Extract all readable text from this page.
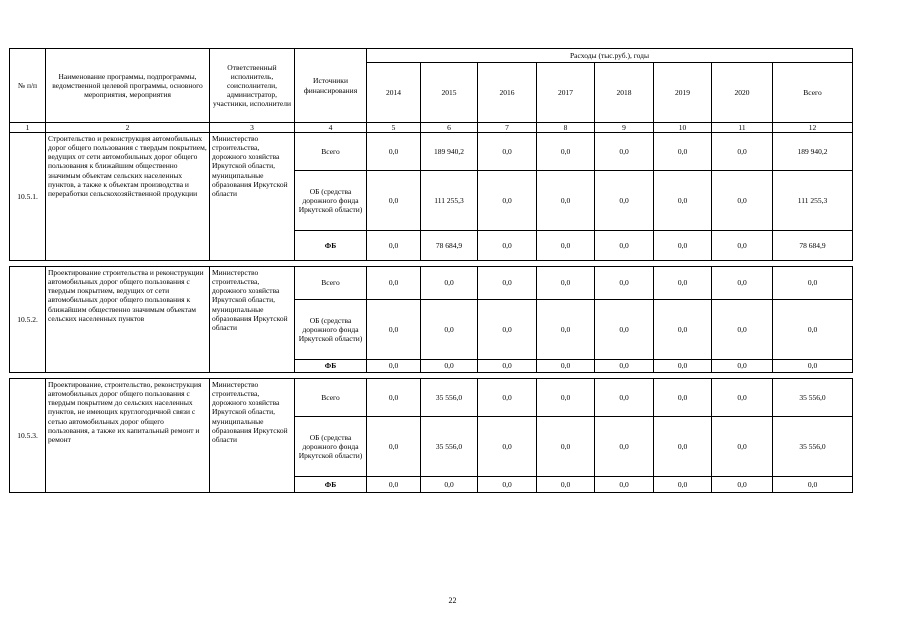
№ п/п	Наименование программы, подпрограммы, ведомственной целевой программы, основного мероприятия, мероприятия	Ответственный исполнитель, соисполнители, администратор, участники, исполнители	Источники финансирования	Расходы (тыс.руб.), годы							
				2014	2015	2016	2017	2018	2019	2020	Всего
1	2	3	4	5	6	7	8	9	10	11	12
10.5.1.	Строительство и реконструкция автомобильных дорог общего пользования с твердым покрытием, ведущих от сети автомобильных дорог общего пользования к ближайшим общественно значимым объектам сельских населенных пунктов, а также к объектам производства и переработки сельскохозяйственной продукции	Министерство строительства, дорожного хозяйства Иркутской области, муниципальные образования Иркутской области	Всего	0,0	189 940,2	0,0	0,0	0,0	0,0	0,0	189 940,2
			ОБ (средства дорожного фонда Иркутской области)	0,0	111 255,3	0,0	0,0	0,0	0,0	0,0	111 255,3
			ФБ	0,0	78 684,9	0,0	0,0	0,0	0,0	0,0	78 684,9

10.5.2.	Проектирование строительства и реконструкции автомобильных дорог общего пользования с твердым покрытием, ведущих от сети автомобильных дорог общего пользования к ближайшим общественно значимым объектам сельских населенных пунктов	Министерство строительства, дорожного хозяйства Иркутской области, муниципальные образования Иркутской области	Всего	0,0	0,0	0,0	0,0	0,0	0,0	0,0	0,0
			ОБ (средства дорожного фонда Иркутской области)	0,0	0,0	0,0	0,0	0,0	0,0	0,0	0,0
			ФБ	0,0	0,0	0,0	0,0	0,0	0,0	0,0	0,0

10.5.3.	Проектирование, строительство, реконструкция автомобильных дорог общего пользования с твердым покрытием до сельских населенных пунктов, не имеющих круглогодичной связи с сетью автомобильных дорог общего пользования, а также их капитальный ремонт и ремонт	Министерство строительства, дорожного хозяйства Иркутской области, муниципальные образования Иркутской области	Всего	0,0	35 556,0	0,0	0,0	0,0	0,0	0,0	35 556,0
			ОБ (средства дорожного фонда Иркутской области)	0,0	35 556,0	0,0	0,0	0,0	0,0	0,0	35 556,0
			ФБ	0,0	0,0	0,0	0,0	0,0	0,0	0,0	0,0
22
